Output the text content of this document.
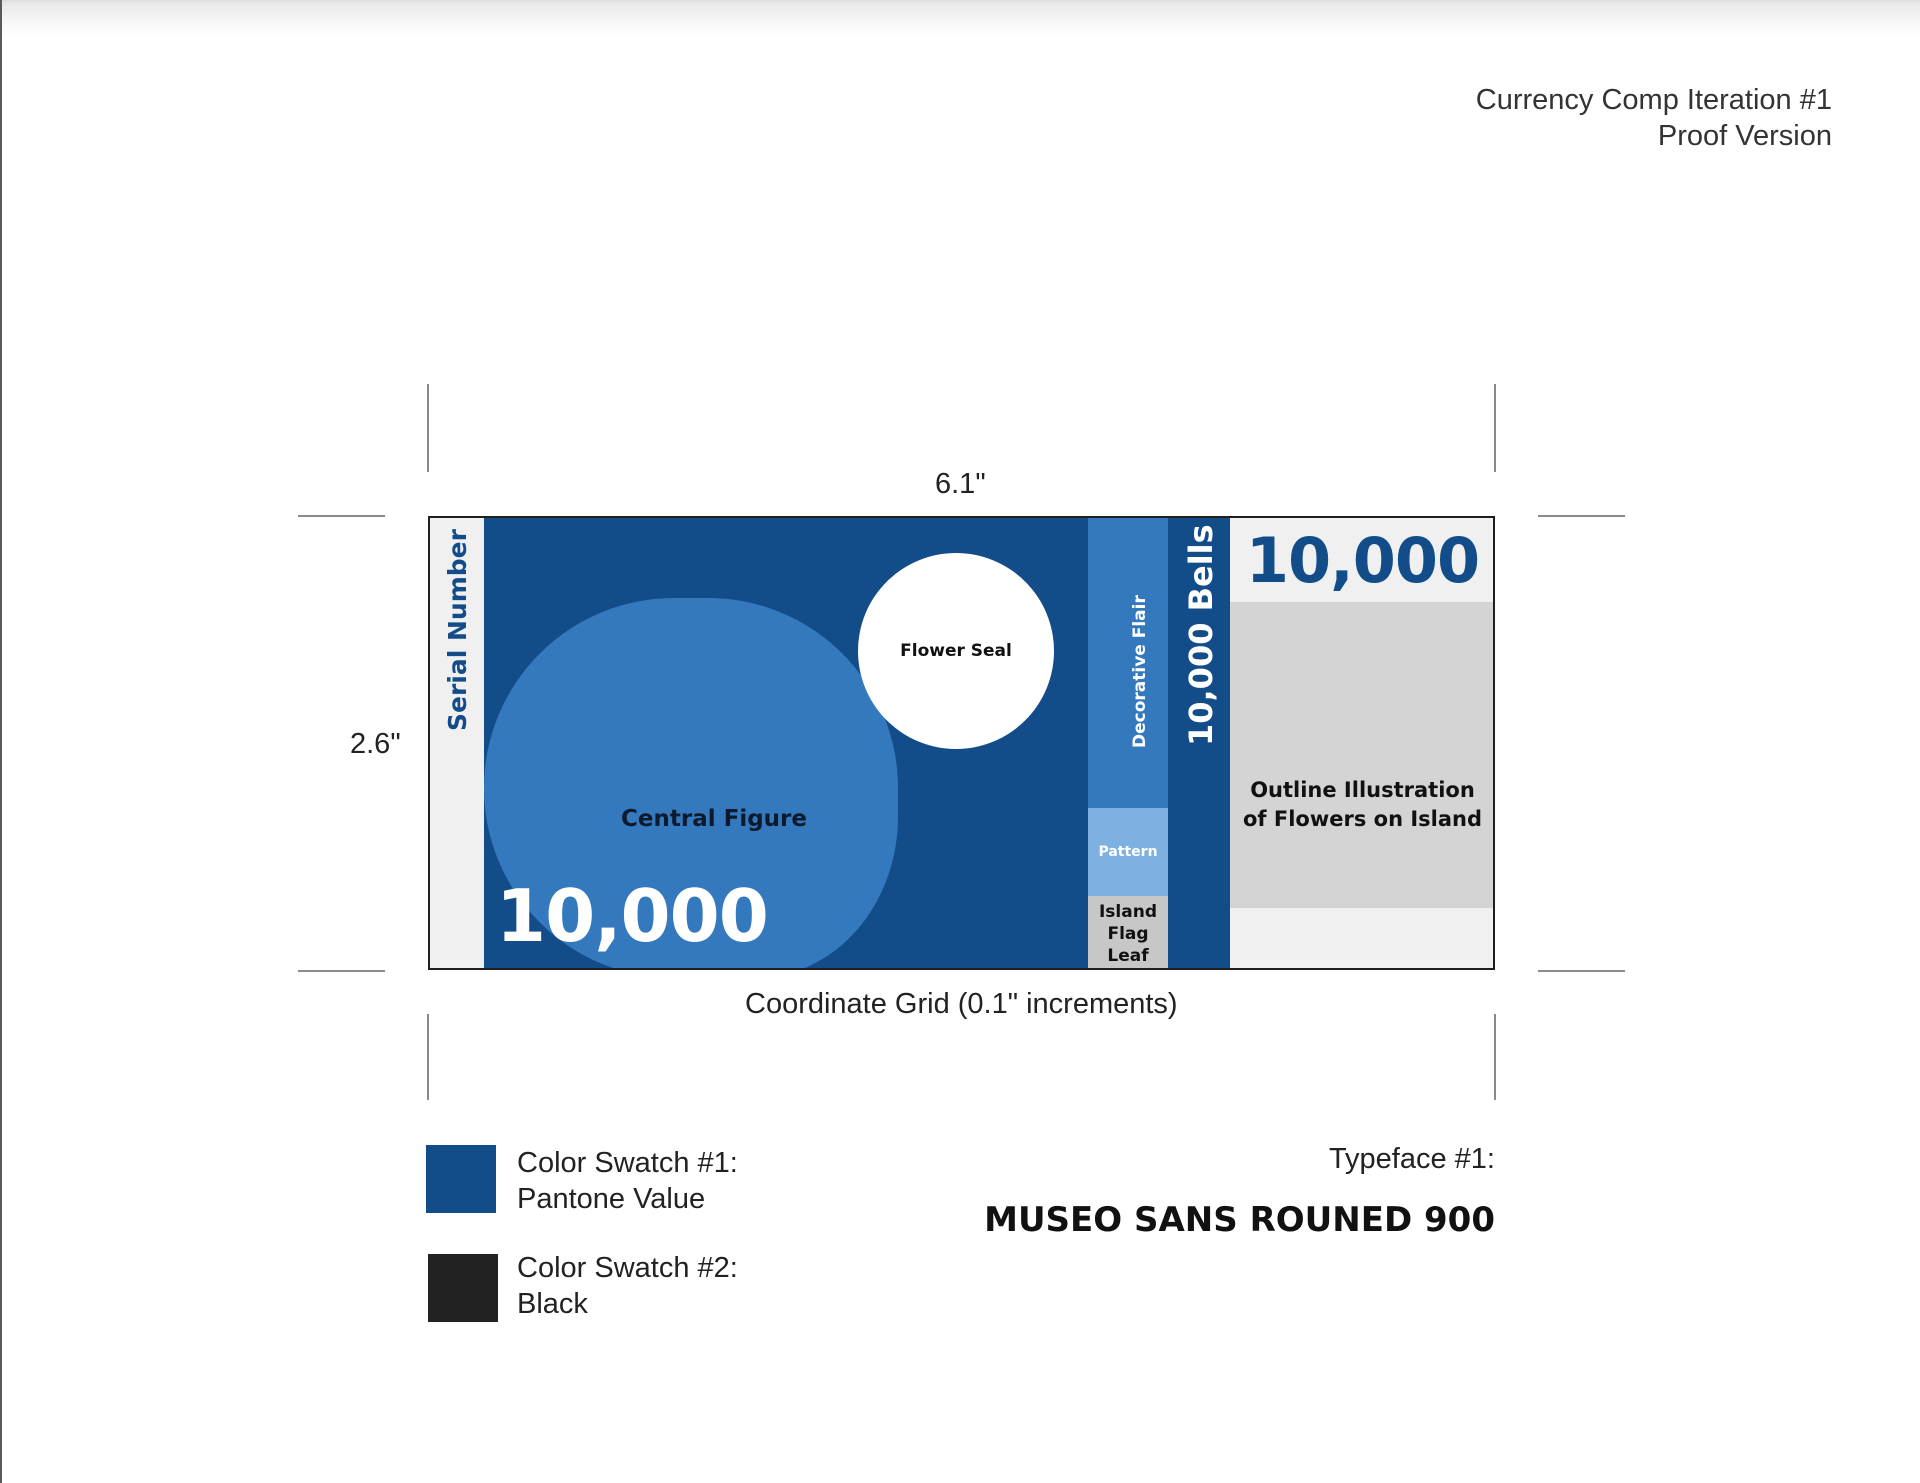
Currency Comp Iteration #1
Proof Version
6.1"
2.6"
Coordinate Grid (0.1" increments)
Serial Number
Central Figure
10,000
Flower Seal	Decorative Flair
Pattern
Island
Flag
Leaf
10,000 Bells 10,000
Outline Illustration
of Flowers on Island
Color Swatch #1:
Pantone Value
Color Swatch #2:
Black
Typeface #1:
MUSEO SANS ROUNED 900
